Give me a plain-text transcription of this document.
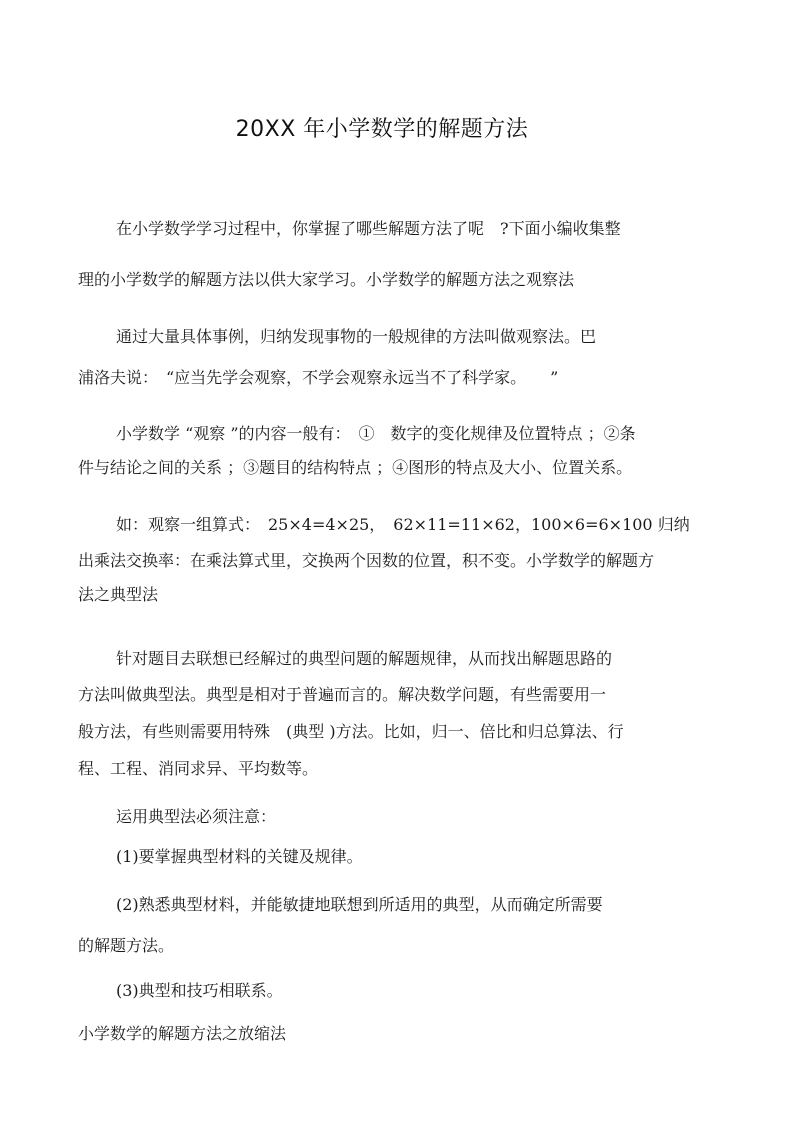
20XX 年小学数学的解题方法
在小学数学学习过程中，你掌握了哪些解题方法了呢　?下面小编收集整
理的小学数学的解题方法以供大家学习。小学数学的解题方法之观察法
通过大量具体事例，归纳发现事物的一般规律的方法叫做观察法。巴
浦洛夫说：　“应当先学会观察，不学会观察永远当不了科学家。　　”
小学数学 “观察 ”的内容一般有：　①　数字的变化规律及位置特点 ；②条
件与结论之间的关系 ；③题目的结构特点 ；④图形的特点及大小、位置关系。
如：观察一组算式：　25×4=4×25，　62×11=11×62，100×6=6×100 归纳
出乘法交换率：在乘法算式里，交换两个因数的位置，积不变。小学数学的解题方
法之典型法
针对题目去联想已经解过的典型问题的解题规律，从而找出解题思路的
方法叫做典型法。典型是相对于普遍而言的。解决数学问题，有些需要用一
般方法，有些则需要用特殊　(典型 )方法。比如，归一、倍比和归总算法、行
程、工程、消同求异、平均数等。
运用典型法必须注意：
(1)要掌握典型材料的关键及规律。
(2)熟悉典型材料，并能敏捷地联想到所适用的典型，从而确定所需要
的解题方法。
(3)典型和技巧相联系。
小学数学的解题方法之放缩法
